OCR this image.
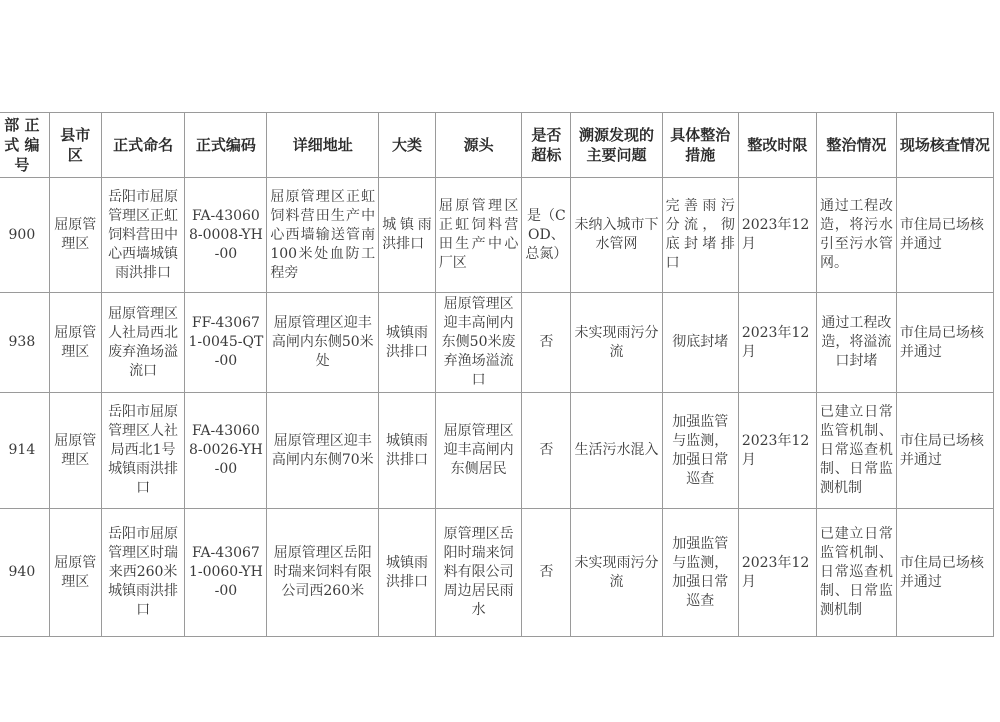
部 正 式 编 号	县市区	正式命名	正式编码	详细地址	大类	源头	是否超标	溯源发现的主要问题	具体整治措施	整改时限	整治情况	现场核查情况
900	屈原管理区	岳阳市屈原管理区正虹饲料营田中心西墙城镇雨洪排口	FA-430608-0008-YH-00	屈原管理区正虹饲料营田生产中心西墙输送管南100米处血防工程旁	城镇雨洪排口	屈原管理区正虹饲料营田生产中心厂区	是（COD、总氮）	未纳入城市下水管网	完善雨污分流，彻底封堵排口	2023年12月	通过工程改造，将污水引至污水管网。	市住局已场核并通过
938	屈原管理区	屈原管理区人社局西北废弃渔场溢流口	FF-430671-0045-QT-00	屈原管理区迎丰高闸内东侧50米处	城镇雨洪排口	屈原管理区迎丰高闸内东侧50米废弃渔场溢流口	否	未实现雨污分流	彻底封堵	2023年12月	通过工程改造，将溢流口封堵	市住局已场核并通过
914	屈原管理区	岳阳市屈原管理区人社局西北1号城镇雨洪排口	FA-430608-0026-YH-00	屈原管理区迎丰高闸内东侧70米	城镇雨洪排口	屈原管理区迎丰高闸内东侧居民	否	生活污水混入	加强监管与监测，加强日常巡查	2023年12月	已建立日常监管机制、日常巡查机制、日常监测机制	市住局已场核并通过
940	屈原管理区	岳阳市屈原管理区时瑞来西260米城镇雨洪排口	FA-430671-0060-YH-00	屈原管理区岳阳时瑞来饲料有限公司西260米	城镇雨洪排口	原管理区岳阳时瑞来饲料有限公司周边居民雨水	否	未实现雨污分流	加强监管与监测，加强日常巡查	2023年12月	已建立日常监管机制、日常巡查机制、日常监测机制	市住局已场核并通过
